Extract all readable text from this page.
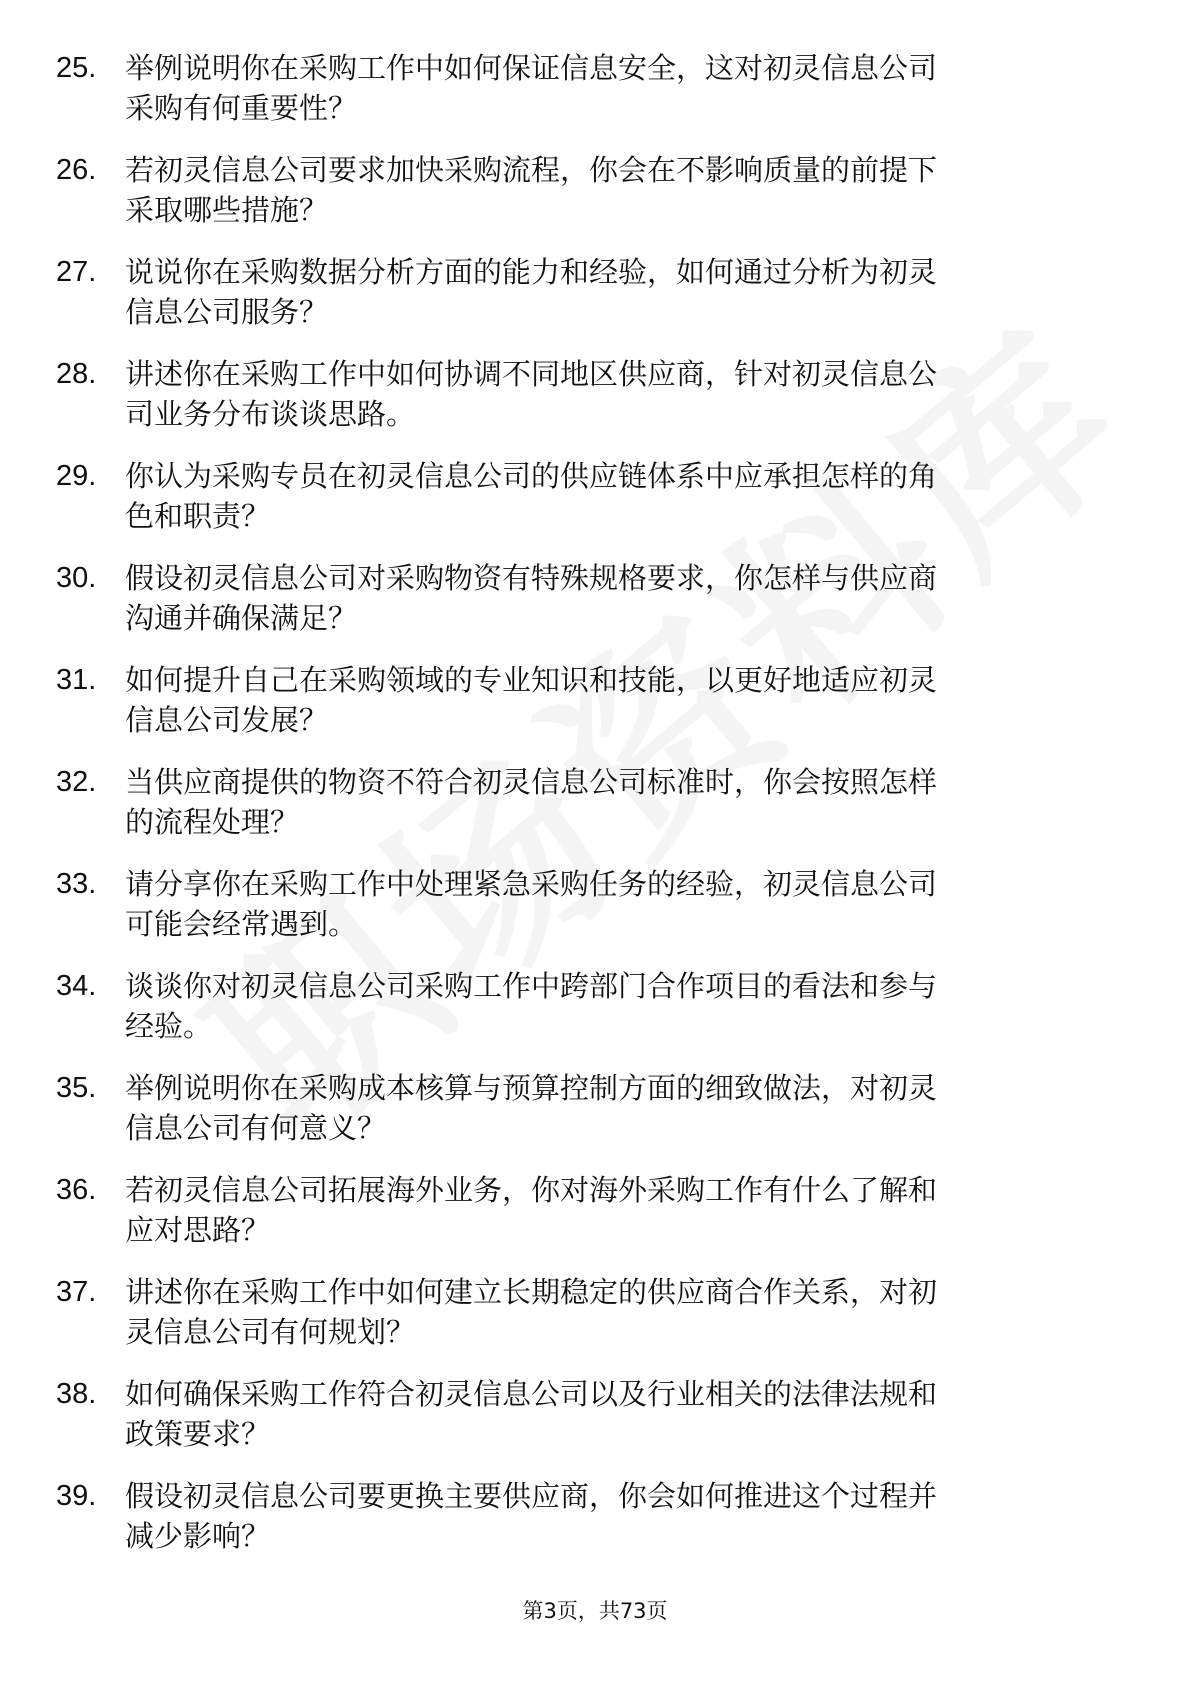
25. 举例说明你在采购工作中如何保证信息安全，这对初灵信息公司
采购有何重要性？
26. 若初灵信息公司要求加快采购流程，你会在不影响质量的前提下
采取哪些措施？
27. 说说你在采购数据分析方面的能力和经验，如何通过分析为初灵
信息公司服务？
28. 讲述你在采购工作中如何协调不同地区供应商，针对初灵信息公
司业务分布谈谈思路。
29. 你认为采购专员在初灵信息公司的供应链体系中应承担怎样的角
色和职责？
30. 假设初灵信息公司对采购物资有特殊规格要求，你怎样与供应商
沟通并确保满足？
31. 如何提升自己在采购领域的专业知识和技能，以更好地适应初灵
信息公司发展？
32. 当供应商提供的物资不符合初灵信息公司标准时，你会按照怎样
的流程处理？
33. 请分享你在采购工作中处理紧急采购任务的经验，初灵信息公司
可能会经常遇到。
34. 谈谈你对初灵信息公司采购工作中跨部门合作项目的看法和参与
经验。
35. 举例说明你在采购成本核算与预算控制方面的细致做法，对初灵
信息公司有何意义？
36. 若初灵信息公司拓展海外业务，你对海外采购工作有什么了解和
应对思路？
37. 讲述你在采购工作中如何建立长期稳定的供应商合作关系，对初
灵信息公司有何规划？
38. 如何确保采购工作符合初灵信息公司以及行业相关的法律法规和
政策要求？
39. 假设初灵信息公司要更换主要供应商，你会如何推进这个过程并
减少影响？
第3页，共73页
